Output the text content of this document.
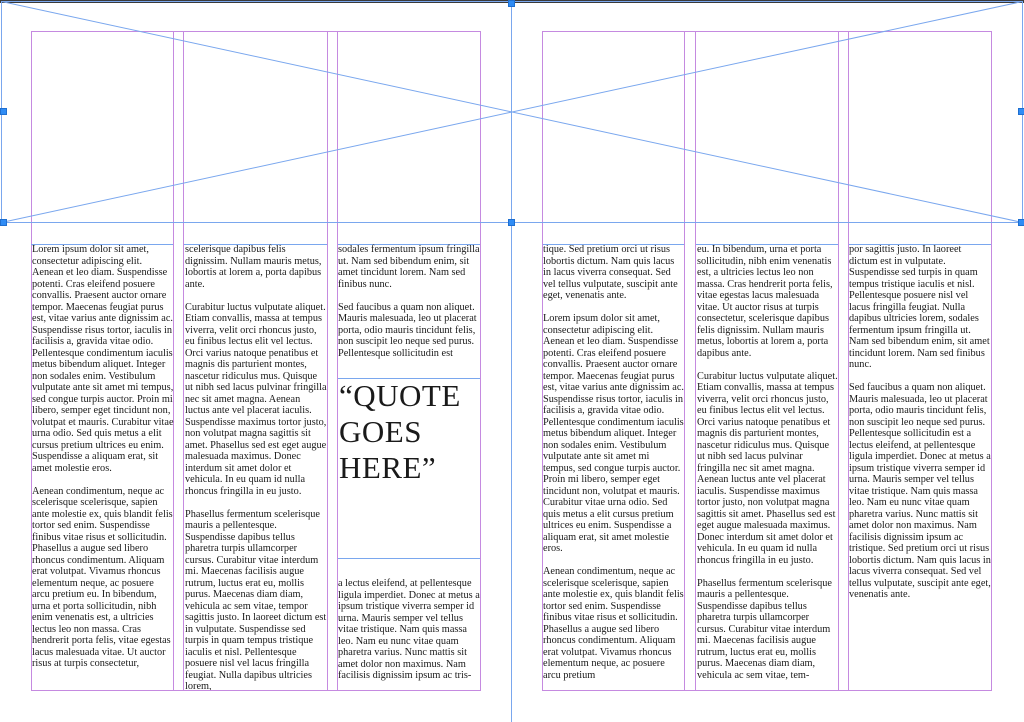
Lorem ipsum dolor sit amet, consectetur adipiscing elit. Aenean et leo diam. Suspendisse potenti. Cras eleifend posuere convallis. Praesent auctor ornare tempor. Maecenas feugiat purus est, vitae varius ante dignissim ac. Suspendisse risus tortor, iaculis in facilisis a, gravida vitae odio. Pellentesque condimentum iaculis metus bibendum aliquet. Integer non sodales enim. Vestibulum vulputate ante sit amet mi tempus, sed congue turpis auctor. Proin mi libero, semper eget tincidunt non, volutpat et mauris. Curabitur vitae urna odio. Sed quis metus a elit cursus pretium ultrices eu enim. Suspendisse a aliquam erat, sit amet molestie eros.

Aenean condimentum, neque ac scelerisque scelerisque, sapien ante molestie ex, quis blandit felis tortor sed enim. Suspendisse finibus vitae risus et sollicitudin. Phasellus a augue sed libero rhoncus condimentum. Aliquam erat volutpat. Vivamus rhoncus elementum neque, ac posuere arcu pretium eu. In bibendum, urna et porta sollicitudin, nibh enim venenatis est, a ultricies lectus leo non massa. Cras hendrerit porta felis, vitae egestas lacus malesuada vitae. Ut auctor risus at turpis consectetur,

scelerisque dapibus felis dignissim. Nullam mauris metus, lobortis at lorem a, porta dapibus ante.

Curabitur luctus vulputate aliquet. Etiam convallis, massa at tempus viverra, velit orci rhoncus justo, eu finibus lectus elit vel lectus. Orci varius natoque penatibus et magnis dis parturient montes, nascetur ridiculus mus. Quisque ut nibh sed lacus pulvinar fringilla nec sit amet magna. Aenean luctus ante vel placerat iaculis. Suspendisse maximus tortor justo, non volutpat magna sagittis sit amet. Phasellus sed est eget augue malesuada maximus. Donec interdum sit amet dolor et vehicula. In eu quam id nulla rhoncus fringilla in eu justo.

Phasellus fermentum scelerisque mauris a pellentesque. Suspendisse dapibus tellus pharetra turpis ullamcorper cursus. Curabitur vitae interdum mi. Maecenas facilisis augue rutrum, luctus erat eu, mollis purus. Maecenas diam diam, vehicula ac sem vitae, tempor sagittis justo. In laoreet dictum est in vulputate. Suspendisse sed turpis in quam tempus tristique iaculis et nisl. Pellentesque posuere nisl vel lacus fringilla feugiat. Nulla dapibus ultricies lorem,

sodales fermentum ipsum fringilla ut. Nam sed bibendum enim, sit amet tincidunt lorem. Nam sed finibus nunc.

Sed faucibus a quam non aliquet. Mauris malesuada, leo ut placerat porta, odio mauris tincidunt felis, non suscipit leo neque sed purus. Pellentesque sollicitudin est

“QUOTE GOES HERE”

a lectus eleifend, at pellentesque ligula imperdiet. Donec at metus a ipsum tristique viverra semper id urna. Mauris semper vel tellus vitae tristique. Nam quis massa leo. Nam eu nunc vitae quam pharetra varius. Nunc mattis sit amet dolor non maximus. Nam facilisis dignissim ipsum ac tris-

tique. Sed pretium orci ut risus lobortis dictum. Nam quis lacus in lacus viverra consequat. Sed vel tellus vulputate, suscipit ante eget, venenatis ante.

Lorem ipsum dolor sit amet, consectetur adipiscing elit. Aenean et leo diam. Suspendisse potenti. Cras eleifend posuere convallis. Praesent auctor ornare tempor. Maecenas feugiat purus est, vitae varius ante dignissim ac. Suspendisse risus tortor, iaculis in facilisis a, gravida vitae odio. Pellentesque condimentum iaculis metus bibendum aliquet. Integer non sodales enim. Vestibulum vulputate ante sit amet mi tempus, sed congue turpis auctor. Proin mi libero, semper eget tincidunt non, volutpat et mauris. Curabitur vitae urna odio. Sed quis metus a elit cursus pretium ultrices eu enim. Suspendisse a aliquam erat, sit amet molestie eros.

Aenean condimentum, neque ac scelerisque scelerisque, sapien ante molestie ex, quis blandit felis tortor sed enim. Suspendisse finibus vitae risus et sollicitudin. Phasellus a augue sed libero rhoncus condimentum. Aliquam erat volutpat. Vivamus rhoncus elementum neque, ac posuere arcu pretium

eu. In bibendum, urna et porta sollicitudin, nibh enim venenatis est, a ultricies lectus leo non massa. Cras hendrerit porta felis, vitae egestas lacus malesuada vitae. Ut auctor risus at turpis consectetur, scelerisque dapibus felis dignissim. Nullam mauris metus, lobortis at lorem a, porta dapibus ante.

Curabitur luctus vulputate aliquet. Etiam convallis, massa at tempus viverra, velit orci rhoncus justo, eu finibus lectus elit vel lectus. Orci varius natoque penatibus et magnis dis parturient montes, nascetur ridiculus mus. Quisque ut nibh sed lacus pulvinar fringilla nec sit amet magna. Aenean luctus ante vel placerat iaculis. Suspendisse maximus tortor justo, non volutpat magna sagittis sit amet. Phasellus sed est eget augue malesuada maximus. Donec interdum sit amet dolor et vehicula. In eu quam id nulla rhoncus fringilla in eu justo.

Phasellus fermentum scelerisque mauris a pellentesque. Suspendisse dapibus tellus pharetra turpis ullamcorper cursus. Curabitur vitae interdum mi. Maecenas facilisis augue rutrum, luctus erat eu, mollis purus. Maecenas diam diam, vehicula ac sem vitae, tem-

por sagittis justo. In laoreet dictum est in vulputate. Suspendisse sed turpis in quam tempus tristique iaculis et nisl. Pellentesque posuere nisl vel lacus fringilla feugiat. Nulla dapibus ultricies lorem, sodales fermentum ipsum fringilla ut. Nam sed bibendum enim, sit amet tincidunt lorem. Nam sed finibus nunc.

Sed faucibus a quam non aliquet. Mauris malesuada, leo ut placerat porta, odio mauris tincidunt felis, non suscipit leo neque sed purus. Pellentesque sollicitudin est a lectus eleifend, at pellentesque ligula imperdiet. Donec at metus a ipsum tristique viverra semper id urna. Mauris semper vel tellus vitae tristique. Nam quis massa leo. Nam eu nunc vitae quam pharetra varius. Nunc mattis sit amet dolor non maximus. Nam facilisis dignissim ipsum ac tristique. Sed pretium orci ut risus lobortis dictum. Nam quis lacus in lacus viverra consequat. Sed vel tellus vulputate, suscipit ante eget, venenatis ante.
